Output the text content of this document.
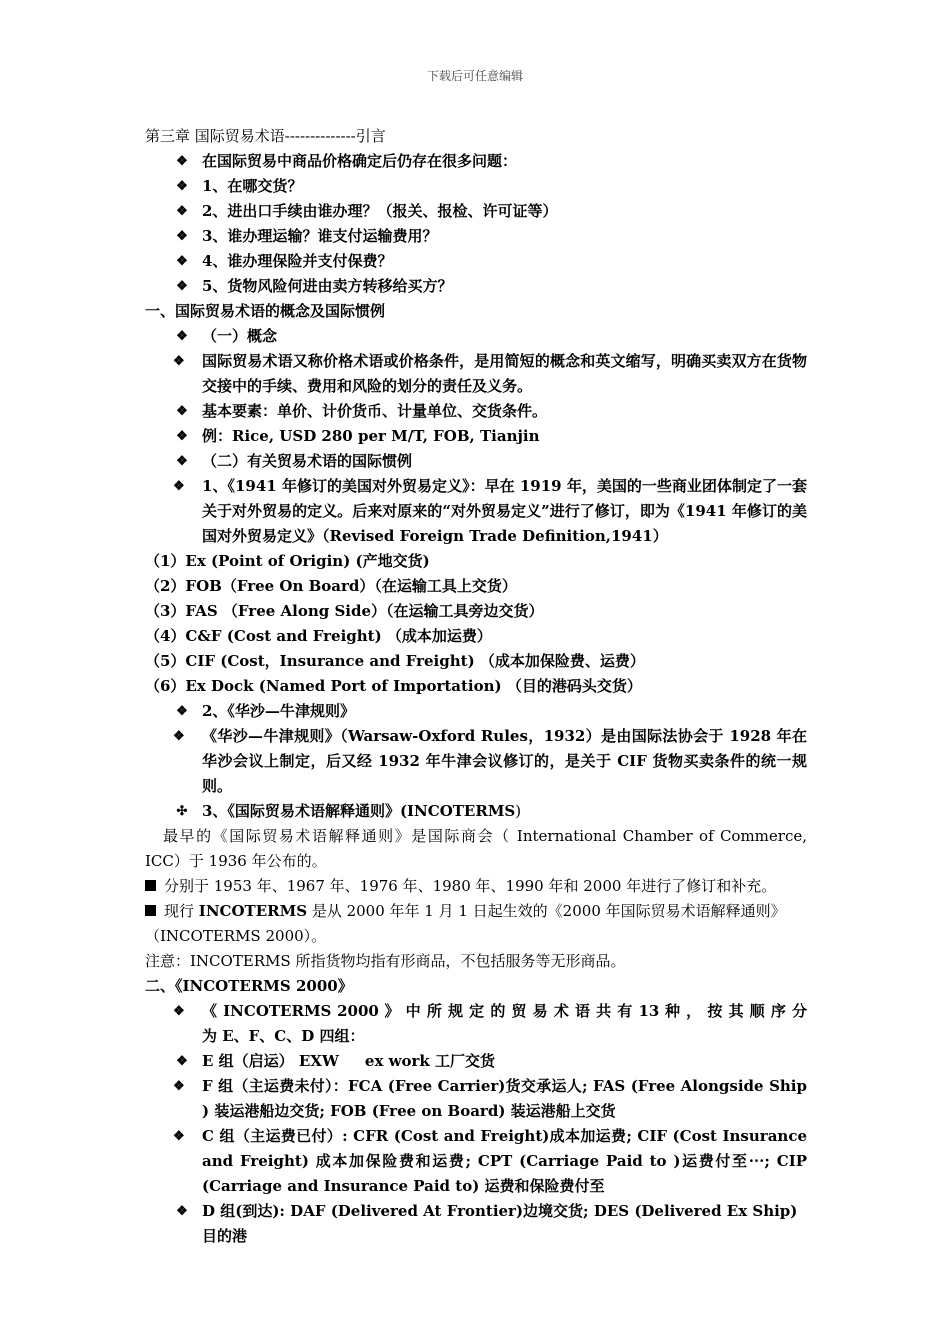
下载后可任意编辑

第三章 国际贸易术语--------------引言

❖ 在国际贸易中商品价格确定后仍存在很多问题：
❖ 1、在哪交货？
❖ 2、进出口手续由谁办理？（报关、报检、许可证等）
❖ 3、谁办理运输？谁支付运输费用？
❖ 4、谁办理保险并支付保费？
❖ 5、货物风险何进由卖方转移给买方？

一、国际贸易术语的概念及国际惯例

❖ （一）概念
❖	国际贸易术语又称价格术语或价格条件，是用简短的概念和英文缩写，明确买卖双方在货物交接中的手续、费用和风险的划分的责任及义务。
❖ 基本要素：单价、计价货币、计量单位、交货条件。
❖ 例：Rice, USD 280 per M/T, FOB, Tianjin
❖ （二）有关贸易术语的国际惯例
❖	1、《1941 年修订的美国对外贸易定义》：早在 1919 年，美国的一些商业团体制定了一套关于对外贸易的定义。后来对原来的“对外贸易定义”进行了修订，即为《1941 年修订的美国对外贸易定义》（Revised Foreign Trade Definition,1941）

（1）Ex (Point of Origin) (产地交货)

（2）FOB（Free On Board）（在运输工具上交货）

（3）FAS （Free Along Side）（在运输工具旁边交货）

（4）C&F (Cost and Freight) （成本加运费）

（5）CIF (Cost，Insurance and Freight) （成本加保险费、运费）

（6）Ex Dock (Named Port of Importation) （目的港码头交货）

❖ 2、《华沙—牛津规则》
❖	《华沙—牛津规则》（Warsaw-Oxford Rules，1932）是由国际法协会于 1928 年在华沙会议上制定，后又经 1932 年牛津会议修订的，是关于 CIF 货物买卖条件的统一规则。
✣ 3、《国际贸易术语解释通则》(INCOTERMS)

最早的《国际贸易术语解释通则》是国际商会（ International Chamber of Commerce, ICC）于 1936 年公布的。

分别于 1953 年、1967 年、1976 年、1980 年、1990 年和 2000 年进行了修订和补充。

现行 INCOTERMS 是从 2000 年年 1 月 1 日起生效的《2000 年国际贸易术语解释通则》（INCOTERMS 2000）。

注意：INCOTERMS 所指货物均指有形商品，不包括服务等无形商品。

二、《INCOTERMS 2000》

❖	《 INCOTERMS 2000 》 中 所 规 定 的 贸 易 术 语 共 有 13 种 ， 按 其 顺 序 分 为 E、F、C、D 四组：
❖ E 组（启运） EXW     ex work 工厂交货
❖	F 组（主运费未付）：FCA (Free Carrier)货交承运人; FAS (Free Alongside Ship ) 装运港船边交货; FOB (Free on Board) 装运港船上交货
❖	C 组（主运费已付）: CFR (Cost and Freight)成本加运费; CIF (Cost Insurance and Freight) 成本加保险费和运费; CPT (Carriage Paid to )运费付至···; CIP (Carriage and Insurance Paid to) 运费和保险费付至
❖ D 组(到达): DAF (Delivered At Frontier)边境交货; DES (Delivered Ex Ship) 目的港
